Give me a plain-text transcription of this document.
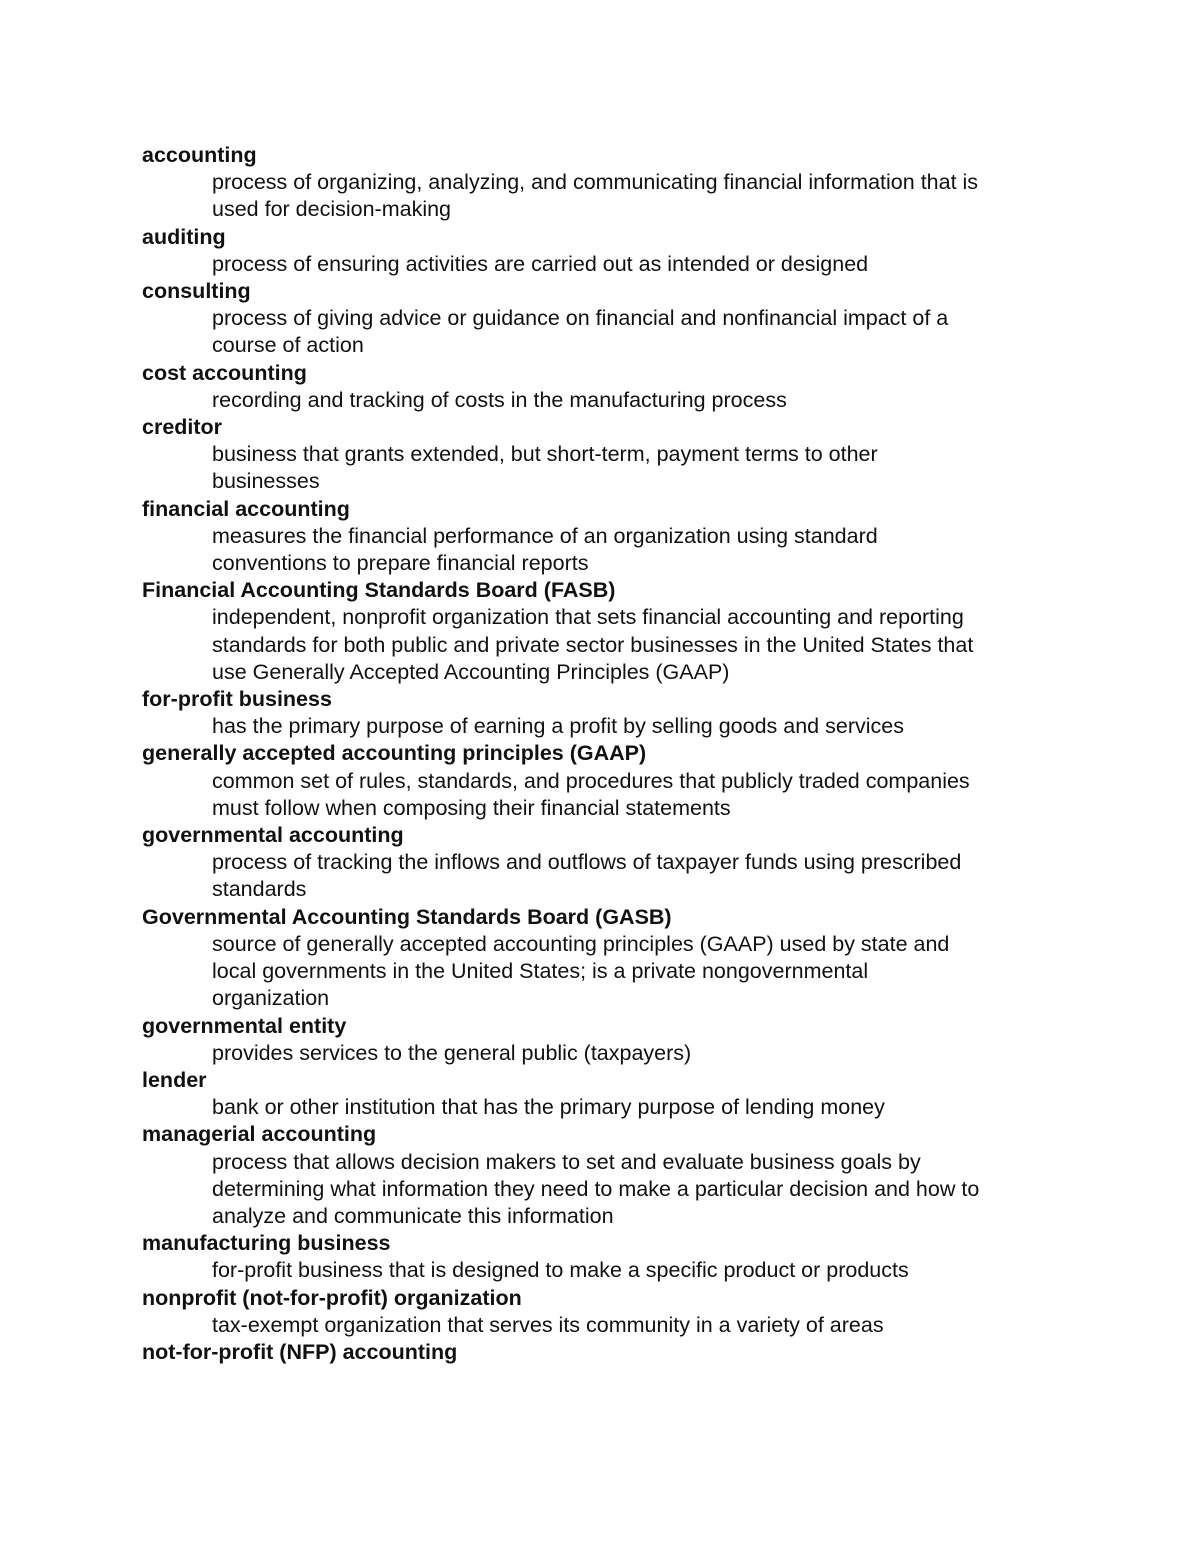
accounting
process of organizing, analyzing, and communicating financial information that is
used for decision-making
auditing
process of ensuring activities are carried out as intended or designed
consulting
process of giving advice or guidance on financial and nonfinancial impact of a
course of action
cost accounting
recording and tracking of costs in the manufacturing process
creditor
business that grants extended, but short-term, payment terms to other
businesses
financial accounting
measures the financial performance of an organization using standard
conventions to prepare financial reports
Financial Accounting Standards Board (FASB)
independent, nonprofit organization that sets financial accounting and reporting
standards for both public and private sector businesses in the United States that
use Generally Accepted Accounting Principles (GAAP)
for-profit business
has the primary purpose of earning a profit by selling goods and services
generally accepted accounting principles (GAAP)
common set of rules, standards, and procedures that publicly traded companies
must follow when composing their financial statements
governmental accounting
process of tracking the inflows and outflows of taxpayer funds using prescribed
standards
Governmental Accounting Standards Board (GASB)
source of generally accepted accounting principles (GAAP) used by state and
local governments in the United States; is a private nongovernmental
organization
governmental entity
provides services to the general public (taxpayers)
lender
bank or other institution that has the primary purpose of lending money
managerial accounting
process that allows decision makers to set and evaluate business goals by
determining what information they need to make a particular decision and how to
analyze and communicate this information
manufacturing business
for-profit business that is designed to make a specific product or products
nonprofit (not-for-profit) organization
tax-exempt organization that serves its community in a variety of areas
not-for-profit (NFP) accounting
